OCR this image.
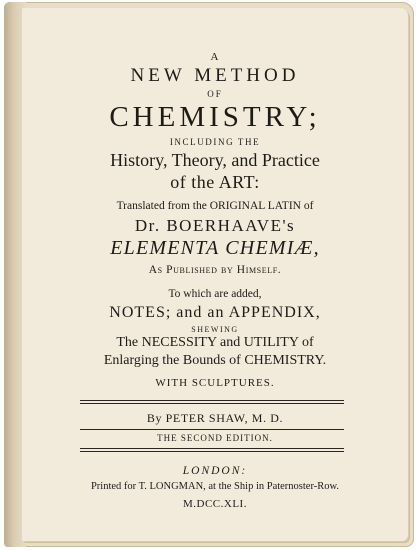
A
NEW METHOD
OF
CHEMISTRY;
INCLUDING THE
History, Theory, and Practice
of the ART:
Translated from the ORIGINAL LATIN of
Dr. BOERHAAVE's
ELEMENTA CHEMIÆ,
As Published by Himself.
To which are added,
NOTES; and an APPENDIX,
SHEWING
The NECESSITY and UTILITY of
Enlarging the Bounds of CHEMISTRY.
WITH SCULPTURES.
By PETER SHAW, M. D.
THE SECOND EDITION.
LONDON:
Printed for T. LONGMAN, at the Ship in Paternoster-Row.
M.DCC.XLI.
